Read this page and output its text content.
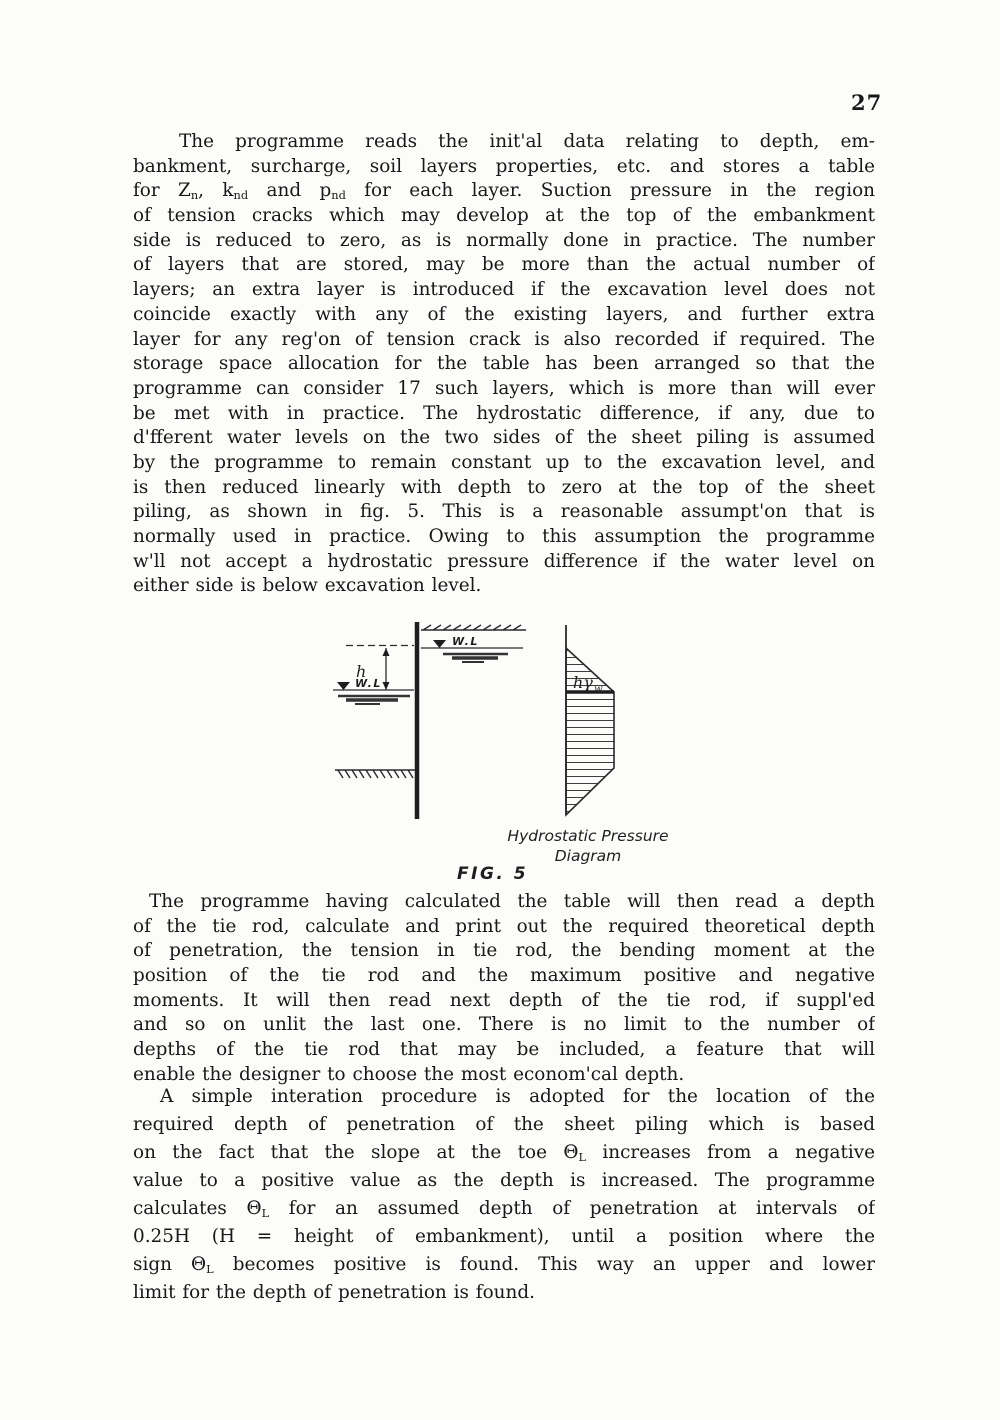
27
The programme reads the init'al data relating to depth, em-
bankment, surcharge, soil layers properties, etc. and stores a table
for $Z_n$, $k_{nd}$ and $p_{nd}$ for each layer. Suction pressure in the region
of tension cracks which may develop at the top of the embankment
side is reduced to zero, as is normally done in practice. The number
of layers that are stored, may be more than the actual number of
layers; an extra layer is introduced if the excavation level does not
coincide exactly with any of the existing layers, and further extra
layer for any reg'on of tension crack is also recorded if required. The
storage space allocation for the table has been arranged so that the
programme can consider 17 such layers, which is more than will ever
be met with in practice. The hydrostatic difference, if any, due to
d'fferent water levels on the two sides of the sheet piling is assumed
by the programme to remain constant up to the excavation level, and
is then reduced linearly with depth to zero at the top of the sheet
piling, as shown in fig. 5. This is a reasonable assumpt'on that is
normally used in practice. Owing to this assumption the programme
w'll not accept a hydrostatic pressure difference if the water level on
either side is below excavation level.
W.L
h
W.L	hγ w
Hydrostatic Pressure
Diagram
FIG. 5
The programme having calculated the table will then read a depth
of the tie rod, calculate and print out the required theoretical depth
of penetration, the tension in tie rod, the bending moment at the
position of the tie rod and the maximum positive and negative
moments. It will then read next depth of the tie rod, if suppl'ed
and so on unlit the last one. There is no limit to the number of
depths of the tie rod that may be included, a feature that will
enable the designer to choose the most econom'cal depth.
A simple interation procedure is adopted for the location of the
required depth of penetration of the sheet piling which is based
on the fact that the slope at the toe $\Theta_L$ increases from a negative
value to a positive value as the depth is increased. The programme
calculates $\Theta_L$ for an assumed depth of penetration at intervals of
0.25H (H = height of embankment), until a position where the
sign $\Theta_L$ becomes positive is found. This way an upper and lower
limit for the depth of penetration is found.
